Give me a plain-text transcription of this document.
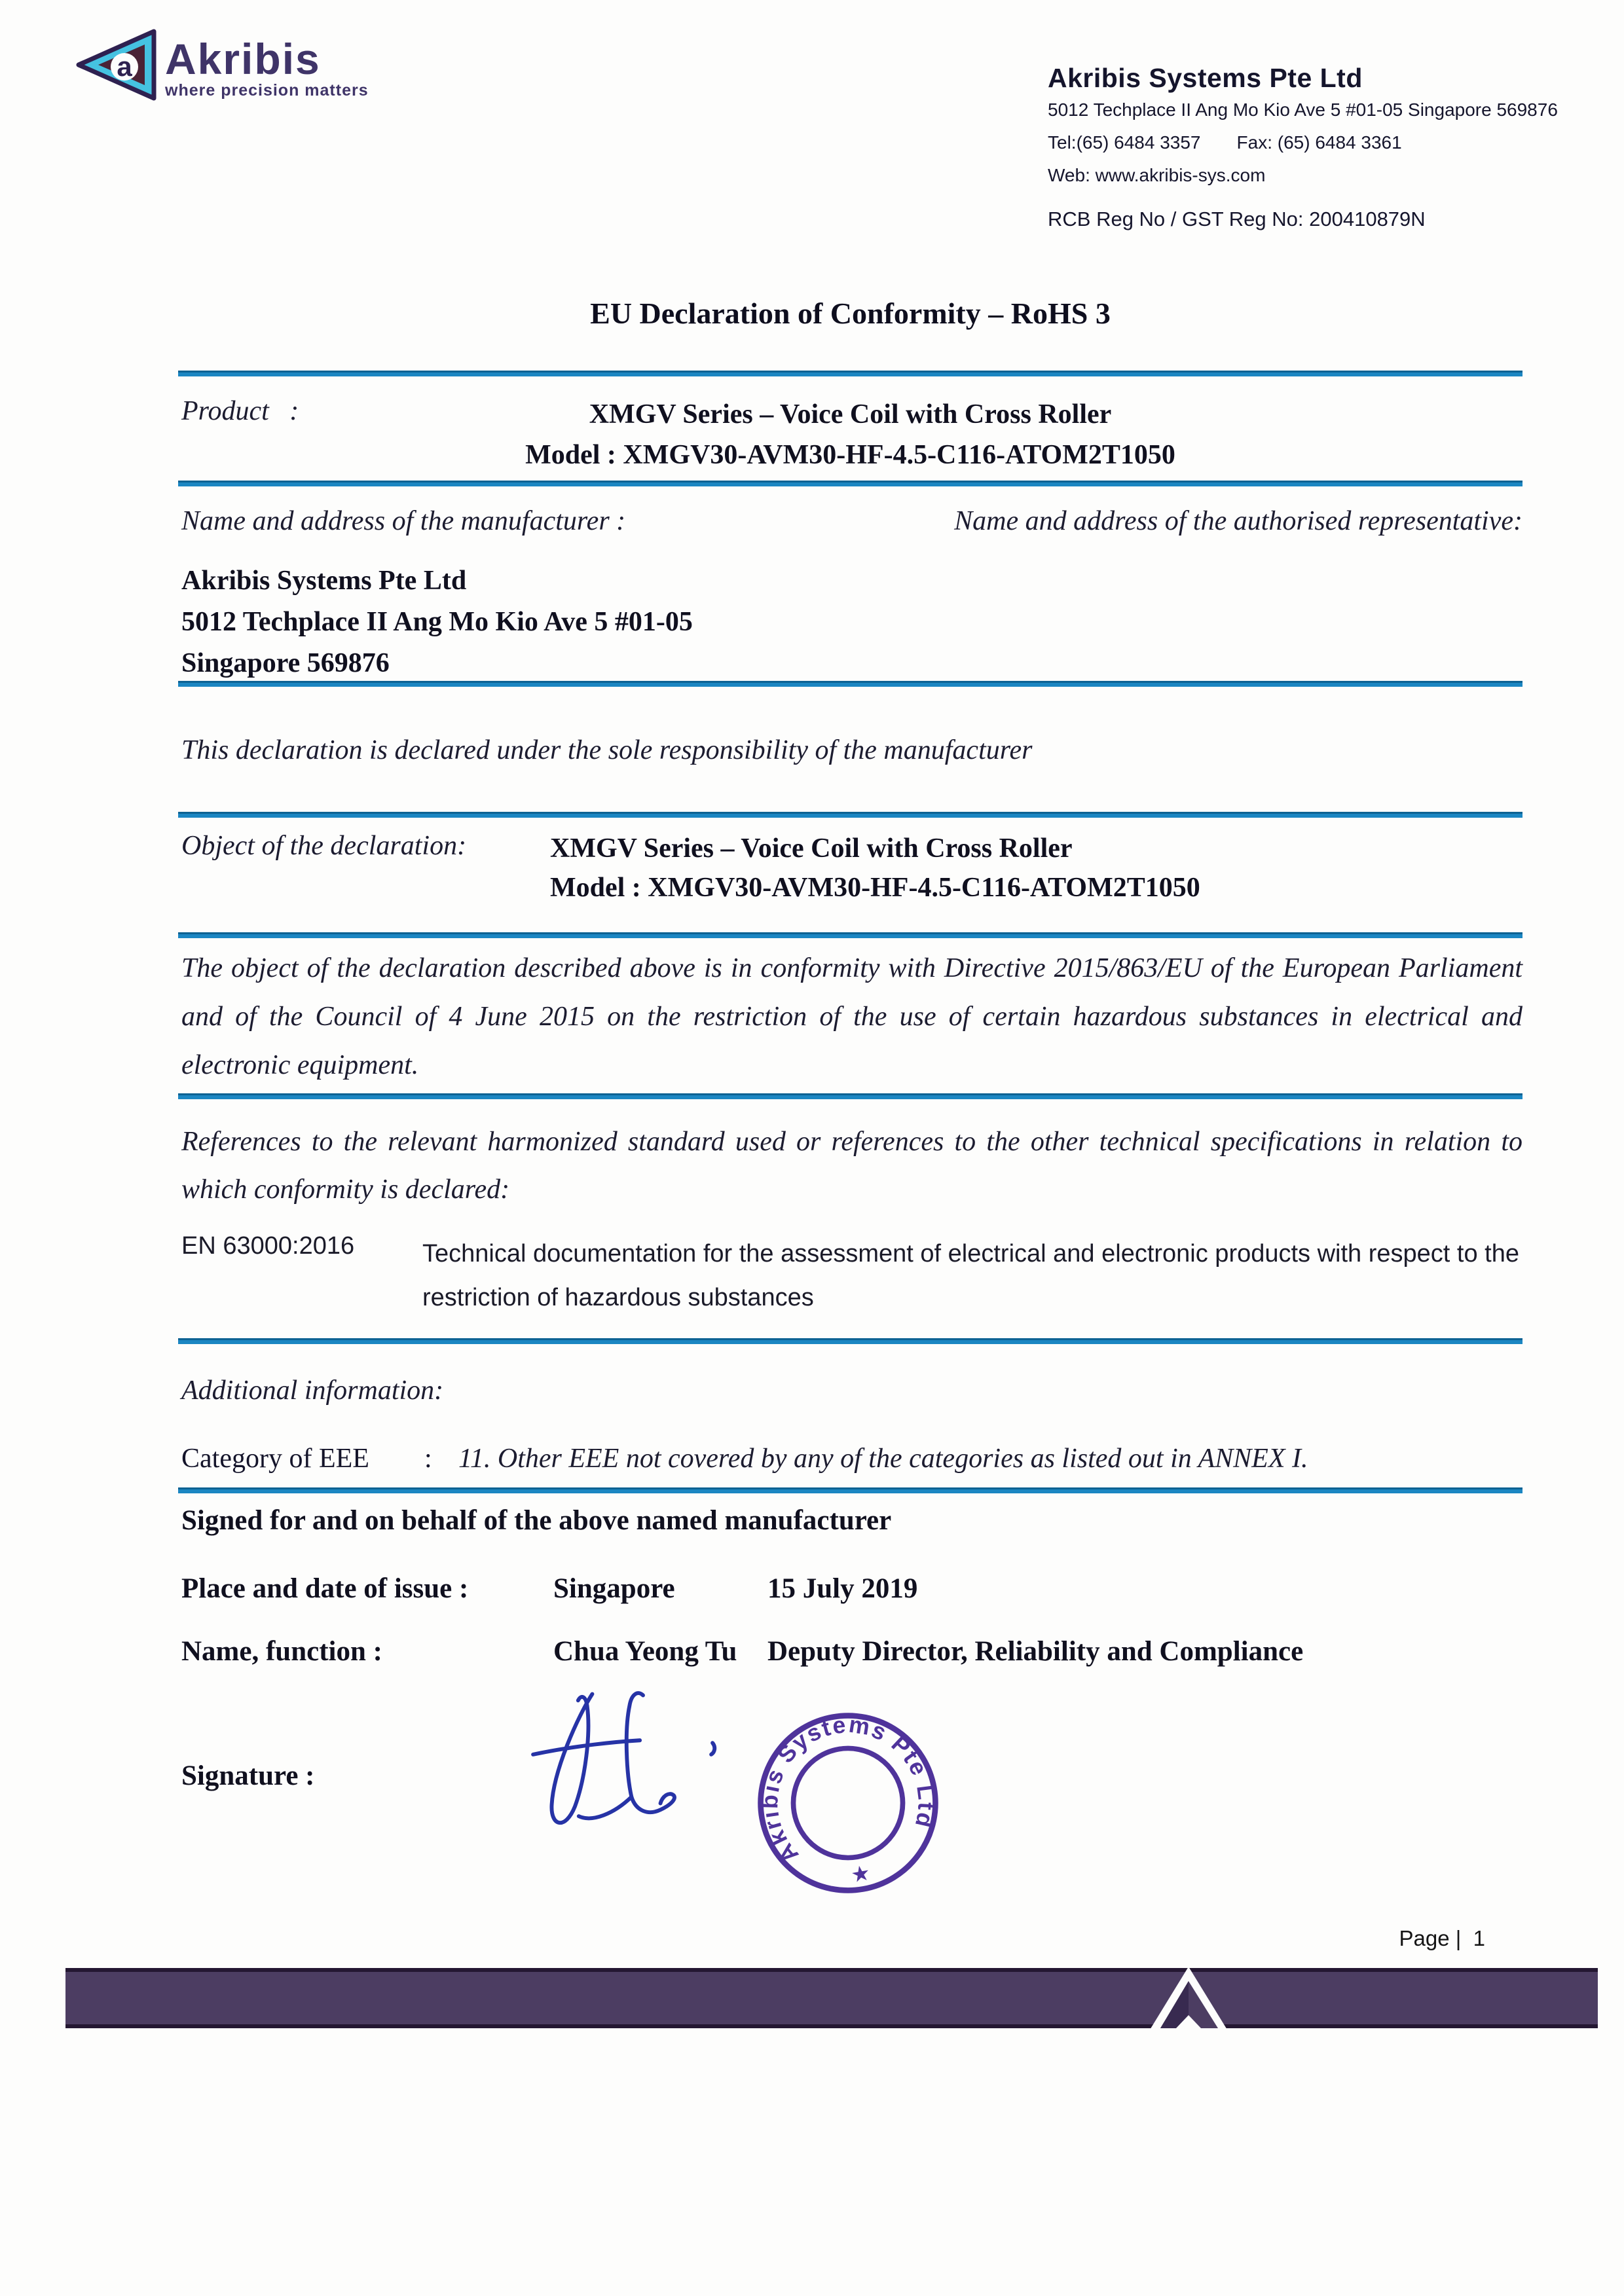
a Akribis
where precision matters	Akribis Systems Pte Ltd
5012 Techplace II Ang Mo Kio Ave 5 #01-05 Singapore 569876
Tel:(65) 6484 3357 Fax: (65) 6484 3361
Web: www.akribis-sys.com
RCB Reg No / GST Reg No: 200410879N
EU Declaration of Conformity – RoHS 3
Product   :	XMGV Series – Voice Coil with Cross Roller
Model : XMGV30-AVM30-HF-4.5-C116-ATOM2T1050
Name and address of the manufacturer :	Name and address of the authorised representative:
Akribis Systems Pte Ltd
5012 Techplace II Ang Mo Kio Ave 5 #01-05
Singapore 569876
This declaration is declared under the sole responsibility of the manufacturer
Object of the declaration:	XMGV Series – Voice Coil with Cross Roller
Model : XMGV30-AVM30-HF-4.5-C116-ATOM2T1050
The object of the declaration described above is in conformity with Directive 2015/863/EU of the European Parliament and of the Council of 4 June 2015 on the restriction of the use of certain hazardous substances in electrical and electronic equipment.
References to the relevant harmonized standard used or references to the other technical specifications in relation to which conformity is declared:
EN 63000:2016	Technical documentation for the assessment of electrical and electronic products with respect to the restriction of hazardous substances
Additional information:
Category of EEE : 11. Other EEE not covered by any of the categories as listed out in ANNEX I.
Signed for and on behalf of the above named manufacturer
Place and date of issue :	Singapore	15 July 2019
Name, function :	Chua Yeong Tu Deputy Director, Reliability and Compliance
Signature :
Akribis Systems Pte Ltd
★
Page |  1
